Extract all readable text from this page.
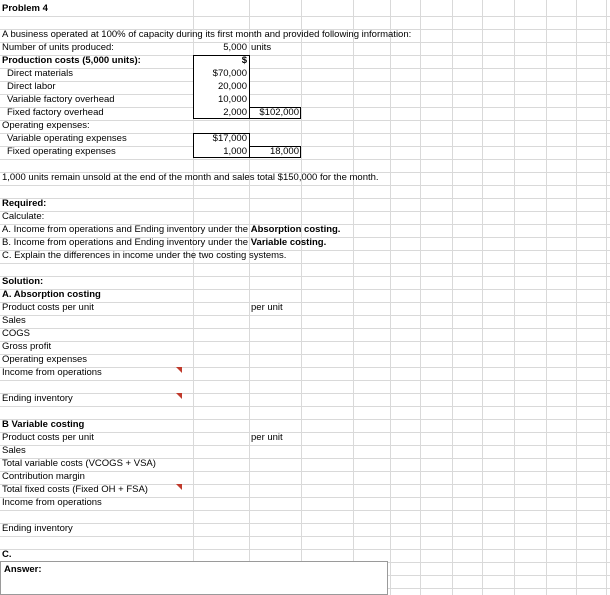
Problem 4
A business operated at 100% of capacity during its first month and provided following information:
Number of units produced:	5,000 units
Production costs (5,000 units):	$
Direct materials	$70,000
Direct labor	20,000
Variable factory overhead	10,000
Fixed factory overhead	2,000	$102,000
Operating expenses:
Variable operating expenses	$17,000
Fixed operating expenses	1,000	18,000
1,000 units remain unsold at the end of the month and sales total $150,000 for the month.
Required:
Calculate:
A. Income from operations and Ending inventory under the Absorption costing.
B. Income from operations and Ending inventory under the Variable costing.
C. Explain the differences in income under the two costing systems.
Solution:
A. Absorption costing
Product costs per unit	per unit
Sales
COGS
Gross profit
Operating expenses
Income from operations
Ending inventory
B Variable costing
Product costs per unit	per unit
Sales
Total variable costs (VCOGS + VSA)
Contribution margin
Total fixed costs (Fixed OH + FSA)
Income from operations
Ending inventory
C.
Answer:
